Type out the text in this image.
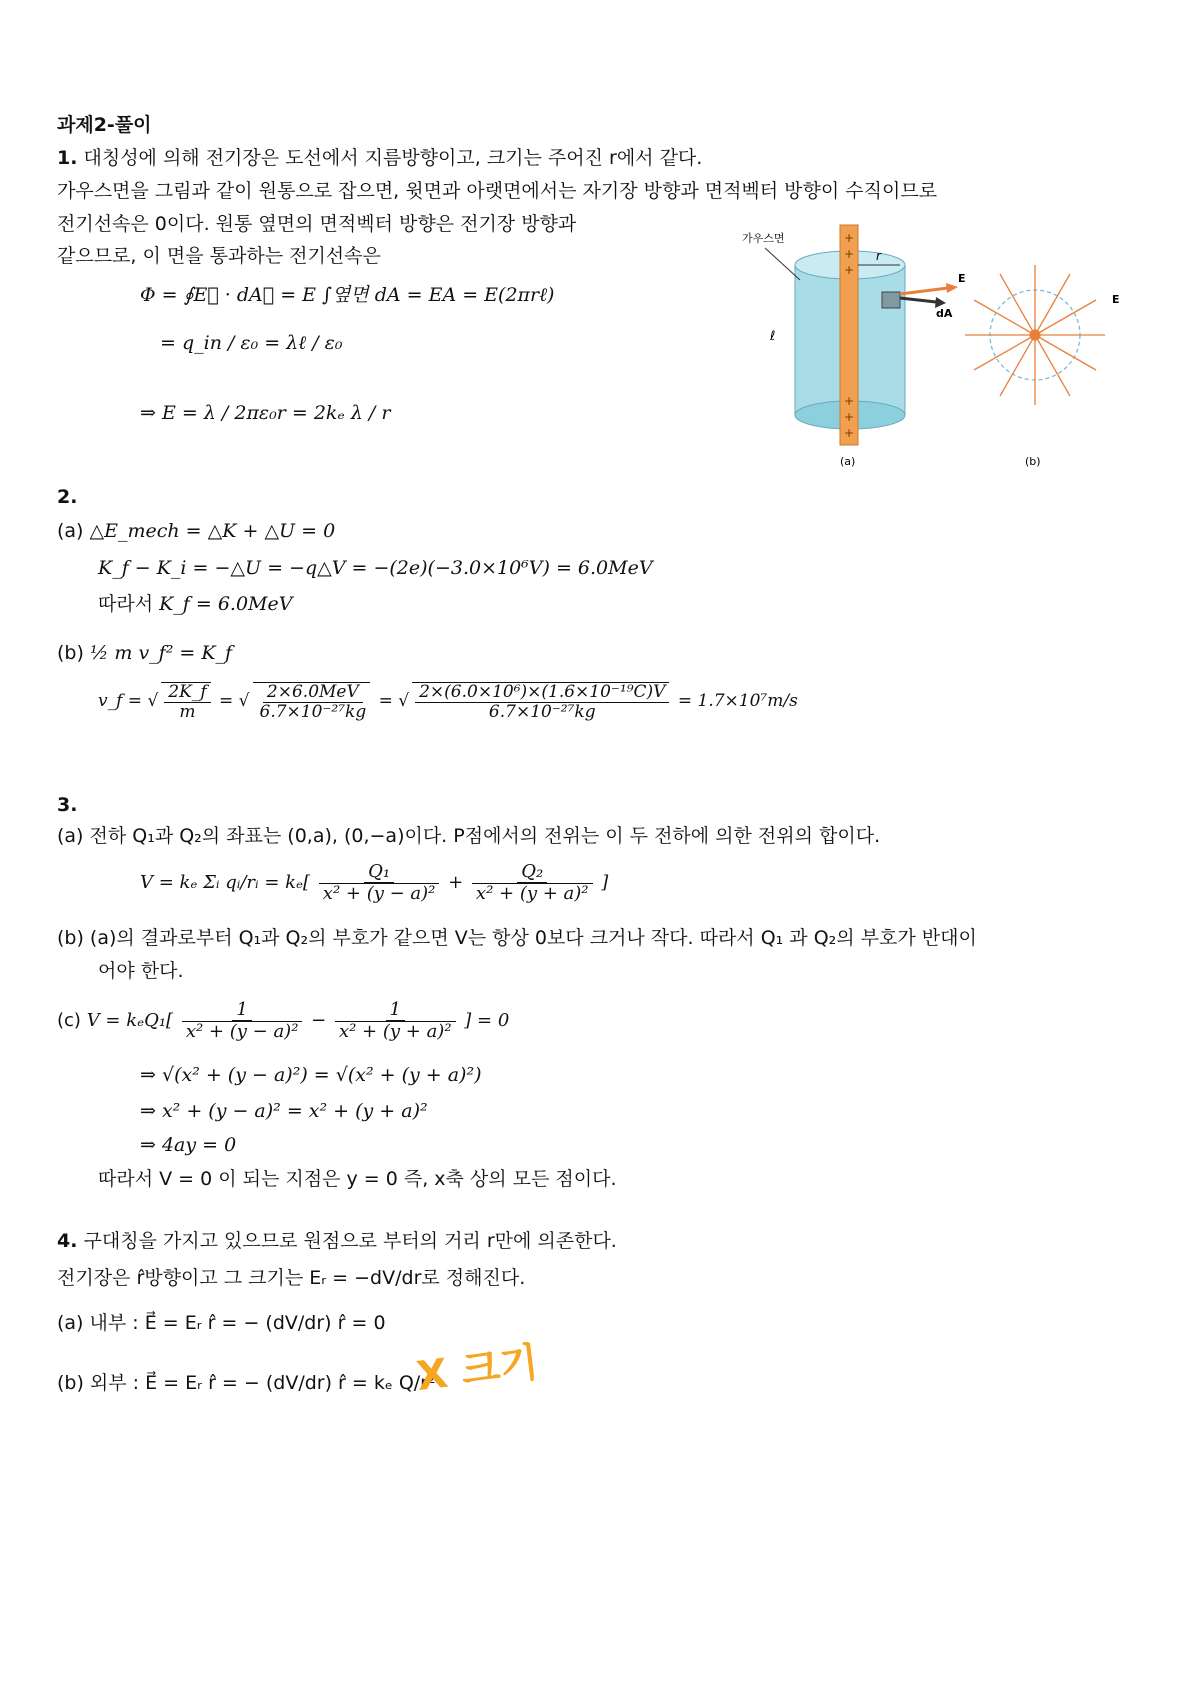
과제2-풀이
1. 대칭성에 의해 전기장은 도선에서 지름방향이고, 크기는 주어진 r에서 같다.
가우스면을 그림과 같이 원통으로 잡으면, 윗면과 아랫면에서는 자기장 방향과 면적벡터 방향이 수직이므로
전기선속은 0이다. 원통 옆면의 면적벡터 방향은 전기장 방향과
같으므로, 이 면을 통과하는 전기선속은
Φ = ∮E⃗ · dA⃗ = E ∫옆면 dA = EA = E(2πrℓ)
= q_in / ε₀ = λℓ / ε₀
⇒ E = λ / 2πε₀r = 2kₑ λ / r
+
+
+
+
+
+
r
ℓ
가우스면
dA
E
E
(a)	(b)
2.
(a) △E_mech = △K + △U = 0
K_f − K_i = −△U = −q△V = −(2e)(−3.0×10⁶V) = 6.0MeV
따라서 K_f = 6.0MeV
(b) ½ m v_f² = K_f
v_f = √ $\frac{2K\_f}{m}$ = √ $\frac{\text{2×6.0MeV}}{\text{6.7×10⁻²⁷kg}}$ = √ $\frac{\text{2×(6.0×10⁶)×(1.6×10⁻¹⁹C)V}}{\text{6.7×10⁻²⁷kg}} = 1.7\times 10^7m/s$
3.
(a) 전하 Q₁과 Q₂의 좌표는 (0,a), (0,−a)이다. P점에서의 전위는 이 두 전하에 의한 전위의 합이다.
V = kₑ Σᵢ qᵢ/rᵢ = $k_e[ \frac{\text{Q₁}}{\text{x² + (y − a)²}} + \frac{\text{Q₂}}{\text{x² + (y + a)²}}$ ]
(b) (a)의 결과로부터 Q₁과 Q₂의 부호가 같으면 V는 항상 0보다 크거나 작다. 따라서 Q₁ 과 Q₂의 부호가 반대이
어야 한다.
(c) $V = k_eQ_1[ \frac{1}{\text{x² + (y − a)²}} - \frac{1}{\text{x² + (y + a)²}}$ ] = 0
⇒ √(x² + (y − a)²) = √(x² + (y + a)²)
⇒ x² + (y − a)² = x² + (y + a)²
⇒ 4ay = 0
따라서 V = 0 이 되는 지점은 y = 0 즉, x축 상의 모든 점이다.
4. 구대칭을 가지고 있으므로 원점으로 부터의 거리 r만에 의존한다.
전기장은 r̂방향이고 그 크기는 Eᵣ = −dV/dr로 정해진다.
(a) 내부 : E⃗ = Eᵣ r̂ = − (dV/dr) r̂ = 0
(b) 외부 : E⃗ = Eᵣ r̂ = − (dV/dr) r̂ = kₑ Q/r²
X 크기
